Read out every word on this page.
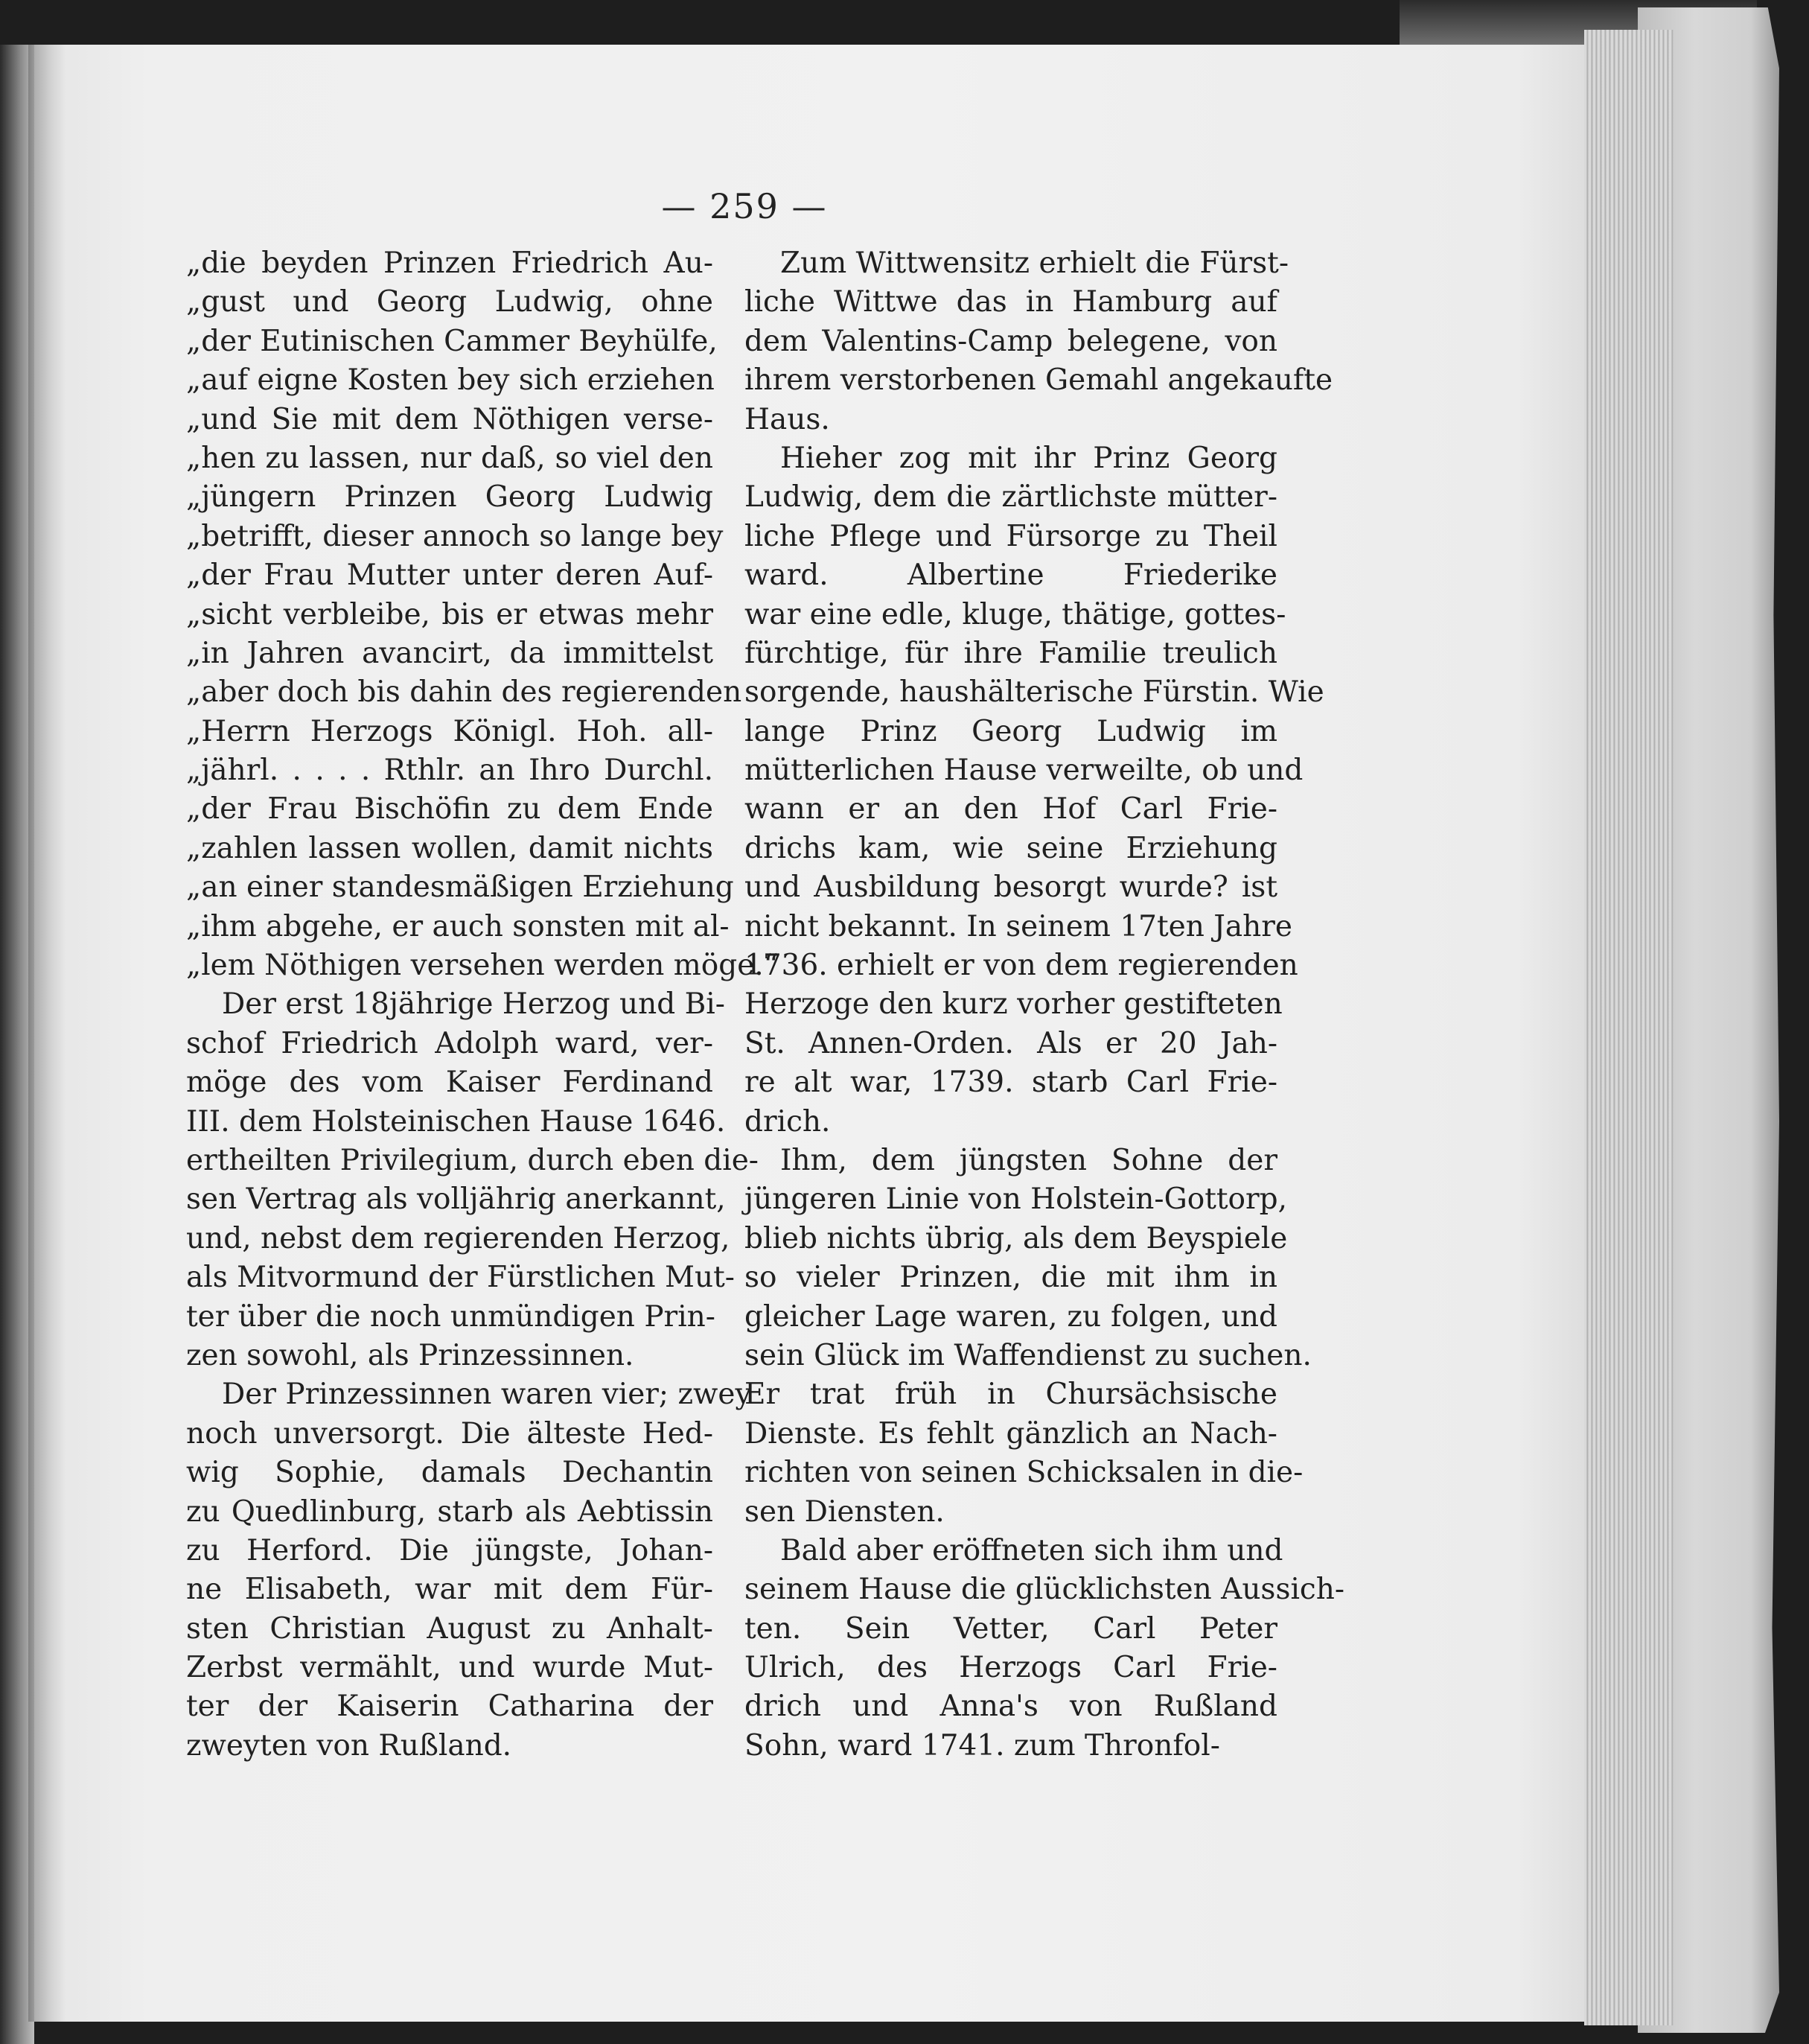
— 259 —
„die beyden Prinzen Friedrich Au-
„gust und Georg Ludwig, ohne
„der Eutinischen Cammer Beyhülfe,
„auf eigne Kosten bey sich erziehen
„und Sie mit dem Nöthigen verse-
„hen zu lassen, nur daß, so viel den
„jüngern Prinzen Georg Ludwig
„betrifft, dieser annoch so lange bey
„der Frau Mutter unter deren Auf-
„sicht verbleibe, bis er etwas mehr
„in Jahren avancirt, da immittelst
„aber doch bis dahin des regierenden
„Herrn Herzogs Königl. Hoh. all-
„jährl. . . . . Rthlr. an Ihro Durchl.
„der Frau Bischöfin zu dem Ende
„zahlen lassen wollen, damit nichts
„an einer standesmäßigen Erziehung
„ihm abgehe, er auch sonsten mit al-
„lem Nöthigen versehen werden möge.“
Der erst 18jährige Herzog und Bi-
schof Friedrich Adolph ward, ver-
möge des vom Kaiser Ferdinand
III. dem Holsteinischen Hause 1646.
ertheilten Privilegium, durch eben die-
sen Vertrag als volljährig anerkannt,
und, nebst dem regierenden Herzog,
als Mitvormund der Fürstlichen Mut-
ter über die noch unmündigen Prin-
zen sowohl, als Prinzessinnen.
Der Prinzessinnen waren vier; zwey
noch unversorgt. Die älteste Hed-
wig Sophie, damals Dechantin
zu Quedlinburg, starb als Aebtissin
zu Herford. Die jüngste, Johan-
ne Elisabeth, war mit dem Für-
sten Christian August zu Anhalt-
Zerbst vermählt, und wurde Mut-
ter der Kaiserin Catharina der
zweyten von Rußland.
Zum Wittwensitz erhielt die Fürst-
liche Wittwe das in Hamburg auf
dem Valentins-Camp belegene, von
ihrem verstorbenen Gemahl angekaufte
Haus.
Hieher zog mit ihr Prinz Georg
Ludwig, dem die zärtlichste mütter-
liche Pflege und Fürsorge zu Theil
ward. Albertine Friederike
war eine edle, kluge, thätige, gottes-
fürchtige, für ihre Familie treulich
sorgende, haushälterische Fürstin. Wie
lange Prinz Georg Ludwig im
mütterlichen Hause verweilte, ob und
wann er an den Hof Carl Frie-
drichs kam, wie seine Erziehung
und Ausbildung besorgt wurde? ist
nicht bekannt. In seinem 17ten Jahre
1736. erhielt er von dem regierenden
Herzoge den kurz vorher gestifteten
St. Annen-Orden. Als er 20 Jah-
re alt war, 1739. starb Carl Frie-
drich.
Ihm, dem jüngsten Sohne der
jüngeren Linie von Holstein-Gottorp,
blieb nichts übrig, als dem Beyspiele
so vieler Prinzen, die mit ihm in
gleicher Lage waren, zu folgen, und
sein Glück im Waffendienst zu suchen.
Er trat früh in Chursächsische
Dienste. Es fehlt gänzlich an Nach-
richten von seinen Schicksalen in die-
sen Diensten.
Bald aber eröffneten sich ihm und
seinem Hause die glücklichsten Aussich-
ten. Sein Vetter, Carl Peter
Ulrich, des Herzogs Carl Frie-
drich und Anna's von Rußland
Sohn, ward 1741. zum Thronfol-
